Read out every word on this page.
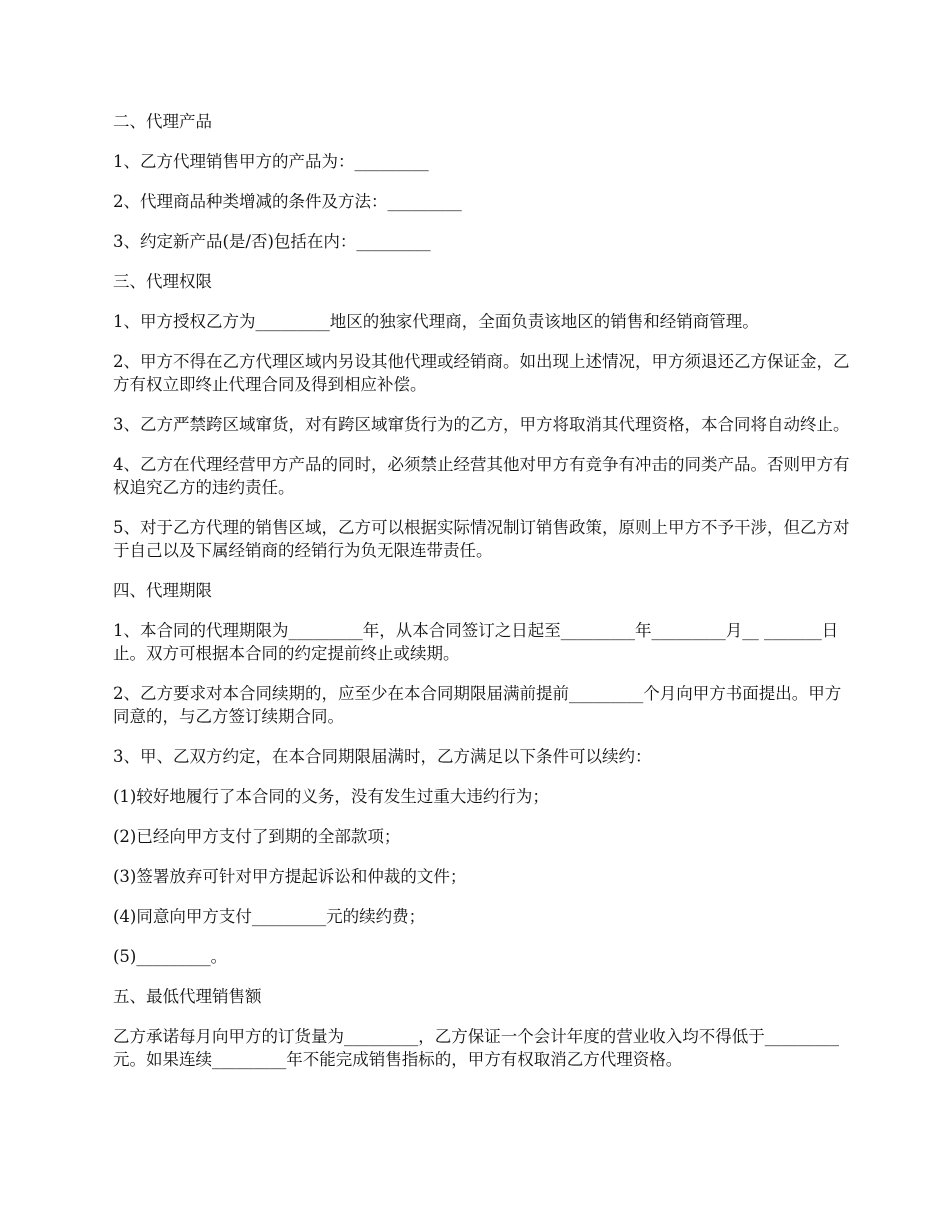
二、代理产品

1、乙方代理销售甲方的产品为：_________

2、代理商品种类增减的条件及方法：_________

3、约定新产品(是/否)包括在内：_________

三、代理权限

1、甲方授权乙方为_________地区的独家代理商，全面负责该地区的销售和经销商管理。

2、甲方不得在乙方代理区域内另设其他代理或经销商。如出现上述情况，甲方须退还乙方保证金，乙方有权立即终止代理合同及得到相应补偿。

3、乙方严禁跨区域窜货，对有跨区域窜货行为的乙方，甲方将取消其代理资格，本合同将自动终止。

4、乙方在代理经营甲方产品的同时，必须禁止经营其他对甲方有竞争有冲击的同类产品。否则甲方有权追究乙方的违约责任。

5、对于乙方代理的销售区域，乙方可以根据实际情况制订销售政策，原则上甲方不予干涉，但乙方对于自己以及下属经销商的经销行为负无限连带责任。

四、代理期限

1、本合同的代理期限为_________年，从本合同签订之日起至_________年_________月__ _______日止。双方可根据本合同的约定提前终止或续期。

2、乙方要求对本合同续期的，应至少在本合同期限届满前提前_________个月向甲方书面提出。甲方同意的，与乙方签订续期合同。

3、甲、乙双方约定，在本合同期限届满时，乙方满足以下条件可以续约：

(1)较好地履行了本合同的义务，没有发生过重大违约行为；

(2)已经向甲方支付了到期的全部款项；

(3)签署放弃可针对甲方提起诉讼和仲裁的文件；

(4)同意向甲方支付_________元的续约费；

(5)_________。

五、最低代理销售额

乙方承诺每月向甲方的订货量为_________，乙方保证一个会计年度的营业收入均不得低于_________元。如果连续_________年不能完成销售指标的，甲方有权取消乙方代理资格。
